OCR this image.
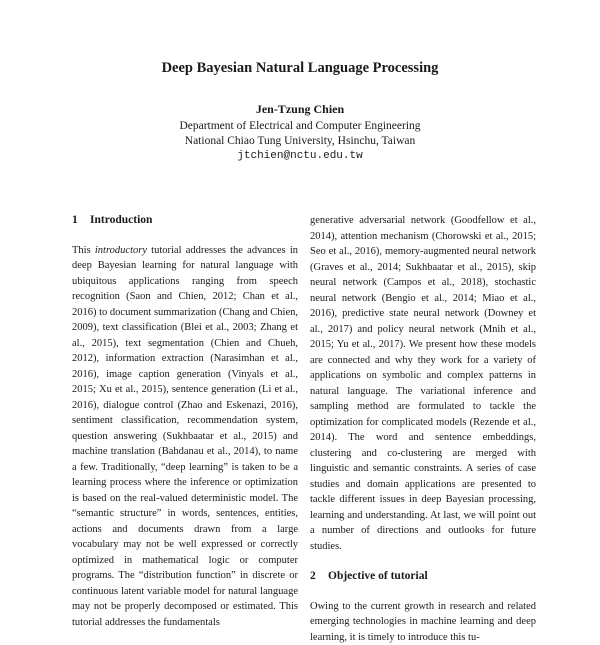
Deep Bayesian Natural Language Processing
Jen-Tzung Chien
Department of Electrical and Computer Engineering
National Chiao Tung University, Hsinchu, Taiwan
jtchien@nctu.edu.tw
1 Introduction

This introductory tutorial addresses the advances in deep Bayesian learning for natural language with ubiquitous applications ranging from speech recognition (Saon and Chien, 2012; Chan et al., 2016) to document summarization (Chang and Chien, 2009), text classification (Blei et al., 2003; Zhang et al., 2015), text segmentation (Chien and Chueh, 2012), information extraction (Narasimhan et al., 2016), image caption generation (Vinyals et al., 2015; Xu et al., 2015), sentence generation (Li et al., 2016), dialogue control (Zhao and Eskenazi, 2016), sentiment classification, recommendation system, question answering (Sukhbaatar et al., 2015) and machine translation (Bahdanau et al., 2014), to name a few. Traditionally, “deep learning” is taken to be a learning process where the inference or optimization is based on the real-valued deterministic model. The “semantic structure” in words, sentences, entities, actions and documents drawn from a large vocabulary may not be well expressed or correctly optimized in mathematical logic or computer programs. The “distribution function” in discrete or continuous latent variable model for natural language may not be properly decomposed or estimated. This tutorial addresses the fundamentals

generative adversarial network (Goodfellow et al., 2014), attention mechanism (Chorowski et al., 2015; Seo et al., 2016), memory-augmented neural network (Graves et al., 2014; Sukhbaatar et al., 2015), skip neural network (Campos et al., 2018), stochastic neural network (Bengio et al., 2014; Miao et al., 2016), predictive state neural network (Downey et al., 2017) and policy neural network (Mnih et al., 2015; Yu et al., 2017). We present how these models are connected and why they work for a variety of applications on symbolic and complex patterns in natural language. The variational inference and sampling method are formulated to tackle the optimization for complicated models (Rezende et al., 2014). The word and sentence embeddings, clustering and co-clustering are merged with linguistic and semantic constraints. A series of case studies and domain applications are presented to tackle different issues in deep Bayesian processing, learning and understanding. At last, we will point out a number of directions and outlooks for future studies.

2 Objective of tutorial

Owing to the current growth in research and related emerging technologies in machine learning and deep learning, it is timely to introduce this tu-
